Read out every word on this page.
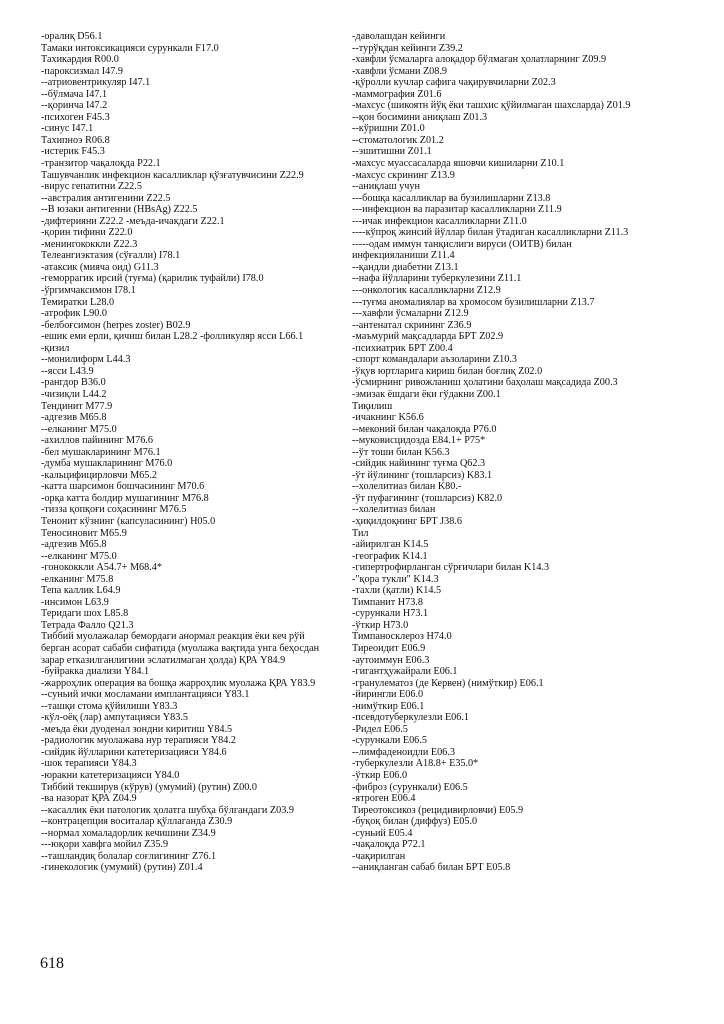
-оралиқ D56.1
Тамаки интоксикацияси сурункали F17.0
Тахикардия R00.0
-пароксизмал I47.9
--атриовентрикуляр I47.1
--бўлмача I47.1
--қоринча I47.2
-психоген F45.3
-синус I47.1
Тахипноэ R06.8
-истерик F45.3
-транзитор чақалоқда P22.1
Ташувчанлик инфекцион касалликлар қўзғатувчисини Z22.9
-вирус гепатитни Z22.5
--австралия антигенини Z22.5
--В юзаки антигенни (HBsAg) Z22.5
-дифтерияни Z22.2 -меъда-ичакдаги Z22.1
-қорин тифини Z22.0
-менингококкли Z22.3
Телеангиэктазия (сўғалли) I78.1
-атаксик (мияча оид) G11.3
-геморрагик ирсий (туғма) (қарилик туфайли) I78.0
-ўргимчаксимон I78.1
Темиратки L28.0
-атрофик L90.0
-белбоғсимон (herpes zoster) B02.9
-ешик еми ерли, қичиш билан L28.2 -фолликуляр ясси L66.1
-қизил
--монилиформ L44.3
--ясси L43.9
-рангдор B36.0
-чизиқли L44.2
Тендинит M77.9
-адгезив M65.8
--елканинг M75.0
-ахиллов пайининг M76.6
-бел мушакларининг M76.1
-думба мушакларининг M76.0
-кальцифицирловчи M65.2
-катта шарсимон бошчасининг M70.6
-орқа катта болдир мушагининг M76.8
-тизза қопқоғи соҳасининг M76.5
Тенонит кўзнинг (капсуласининг) H05.0
Теносиновит M65.9
-адгезив M65.8
--елканинг M75.0
-гонококкли A54.7+ M68.4*
-елканинг M75.8
Тепа каллик L64.9
-инсимон L63.9
Теридаги шох L85.8
Тетрада Фалло Q21.3
Тиббий муолажалар бемордаги анормал реакция ёки кеч рўй
берган асорат сабаби сифатида (муолажа вақтида унга беҳосдан
зарар етказилганлигини эслатилмаган ҳолда) ҚРА Y84.9
-буйракка диализи Y84.1
-жарроҳлик операция ва бошқа жарроҳлик муолажа ҚРА Y83.9
--суньий ички мосламани имплантацияси Y83.1
--ташқи стома қўйилиши Y83.3
-кўл-оёқ (лар) ампутацияси Y83.5
-меъда ёки дуоденал зондни киритиш Y84.5
-радиологик муолажава нур терапияси Y84.2
-сийдик йўлларини катетеризацияси Y84.6
-шок терапияси Y84.3
-юракни катетеризацияси Y84.0
Тиббий текширув (кўрув) (умумий) (рутин) Z00.0
-ва назорат ҚРА Z04.9
--касаллик ёки патологик ҳолатга шубҳа бўлгандаги Z03.9
--контрацепция воситалар қўллаганда Z30.9
--нормал хомаладорлик кечишини Z34.9
---юқори хавфга мойил Z35.9
--ташландиқ болалар соғлигининг Z76.1
-гинекологик (умумий) (рутин) Z01.4
-даволашдан кейинги
--турўқдан кейинги Z39.2
-хавфли ўсмаларга алоқадор бўлмаган ҳолатларнинг Z09.9
-хавфли ўсмани Z08.9
-қўролли кучлар сафига чақирувчиларни Z02.3
-маммография Z01.6
-махсус (шикоятн йўқ ёки ташхис қўйилмаган шахсларда) Z01.9
--қон босимини аниқлаш Z01.3
--кўришни Z01.0
--стоматологик Z01.2
--эшитишни Z01.1
-махсус муассасаларда яшовчи кишиларни Z10.1
-махсус скрининг Z13.9
--аниқлаш учун
---бошқа касалликлар ва бузилишларни Z13.8
---инфекцион ва паразитар касалликларни Z11.9
---ичак инфекцион касалликларни Z11.0
----кўпроқ жинсий йўллар билан ўтадиган касалликларни Z11.3
-----одам иммун танқислиги вируси (ОИТВ) билан
инфекцияланиши Z11.4
--қандли диабетни Z13.1
--нафа йўлларини туберкулезини Z11.1
---онкологик касалликларни Z12.9
---туғма аномалиялар ва хромосом бузилишларни Z13.7
---хавфли ўсмаларни Z12.9
--антенатал скрининг Z36.9
-маъмурий мақсадларда БРТ Z02.9
-психиатрик БРТ Z00.4
-спорт командалари аъзоларини Z10.3
-ўқув юртларига кириш билан боғлиқ Z02.0
-ўсмирнинг ривожланиш ҳолатини баҳолаш мақсадида Z00.3
-эмизак ёшдаги ёки гўдакни Z00.1
Тиқилиш
-ичакнинг K56.6
--меконий билан чақалоқда P76.0
--муковисцидозда E84.1+ P75*
--ўт тоши билан K56.3
-сийдик найининг туғма Q62.3
-ўт йўлининг (тошларсиз) K83.1
--холелитиаз билан K80.-
-ўт пуфагининг (тошларсиз) K82.0
--холелитиаз билан
-ҳиқилдоқнинг БРТ J38.6
Тил
-айирилган K14.5
-географик K14.1
-гипертрофирланган сўрғичлари билан K14.3
-"қора тукли" K14.3
-тахли (қатли) K14.5
Тимпанит H73.8
-сурункали H73.1
-ўткир H73.0
Тимпаносклероз H74.0
Тиреоидит E06.9
-аутоиммун E06.3
-гигантҳужайрали E06.1
-гранулематоз (де Кервен) (нимўткир) E06.1
-йирингли E06.0
-нимўткир E06.1
-псевдотуберкулезли E06.1
-Ридел E06.5
-сурункали E06.5
--лимфаденоидли E06.3
-туберкулезли A18.8+ E35.0*
-ўткир E06.0
-фиброз (сурункали) E06.5
-ятроген E06.4
Тиреотоксикоз (рецидивирловчи) E05.9
-буқоқ билан (диффуз) E05.0
-суньий E05.4
-чақалоқда P72.1
-чақирилган
--аниқланган сабаб билан БРТ E05.8
618
